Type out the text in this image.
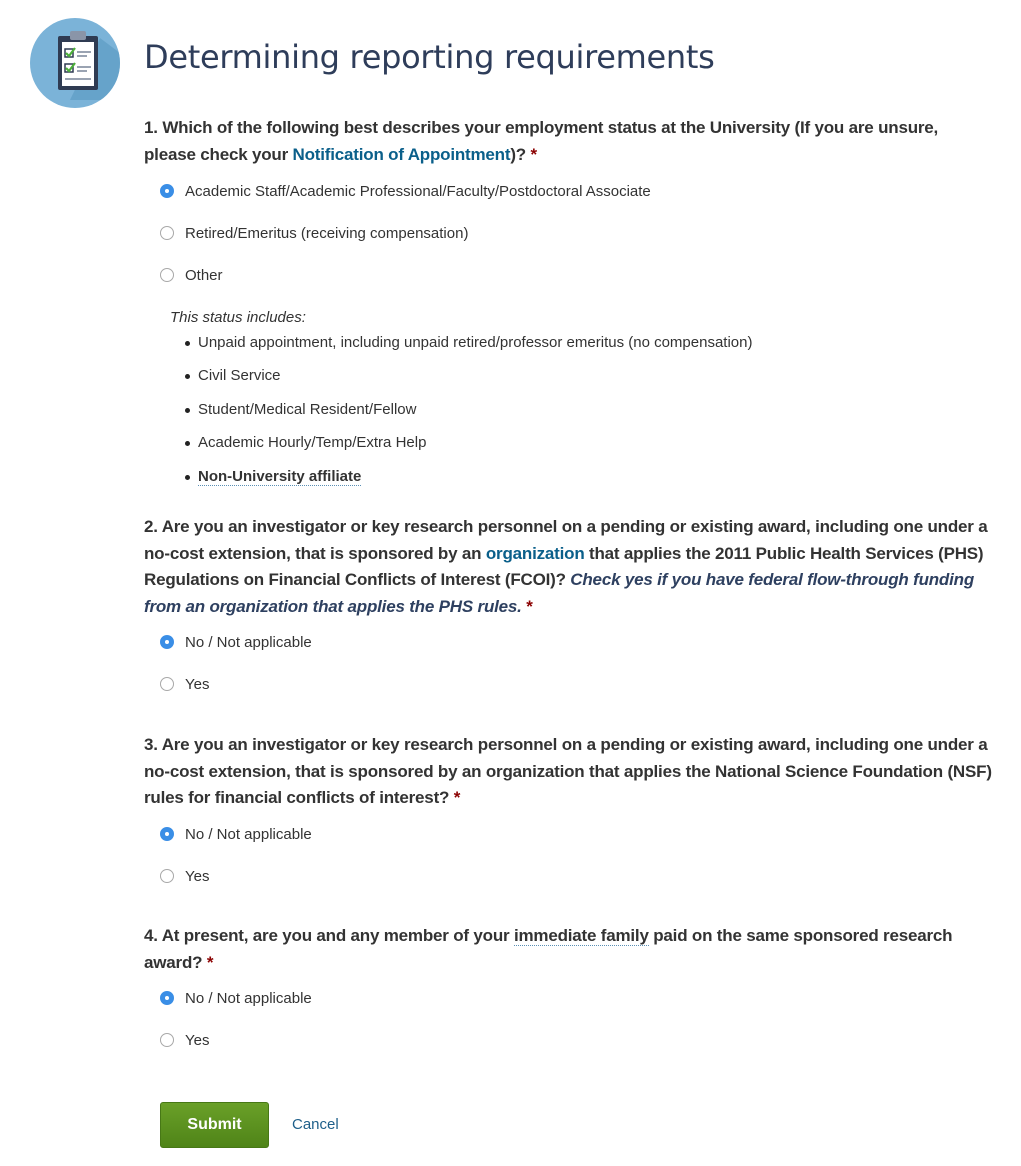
Determining reporting requirements

1. Which of the following best describes your employment status at the University (If you are unsure, please check your Notification of Appointment)? *

Academic Staff/Academic Professional/Faculty/Postdoctoral Associate
Retired/Emeritus (receiving compensation)
Other
This status includes:
Unpaid appointment, including unpaid retired/professor emeritus (no compensation)
Civil Service
Student/Medical Resident/Fellow
Academic Hourly/Temp/Extra Help
Non-University affiliate

2. Are you an investigator or key research personnel on a pending or existing award, including one under a no-cost extension, that is sponsored by an organization that applies the 2011 Public Health Services (PHS) Regulations on Financial Conflicts of Interest (FCOI)? Check yes if you have federal flow-through funding from an organization that applies the PHS rules. *

No / Not applicable
Yes

3. Are you an investigator or key research personnel on a pending or existing award, including one under a no-cost extension, that is sponsored by an organization that applies the National Science Foundation (NSF) rules for financial conflicts of interest? *

No / Not applicable
Yes

4. At present, are you and any member of your immediate family paid on the same sponsored research award? *

No / Not applicable
Yes
Submit	Cancel
